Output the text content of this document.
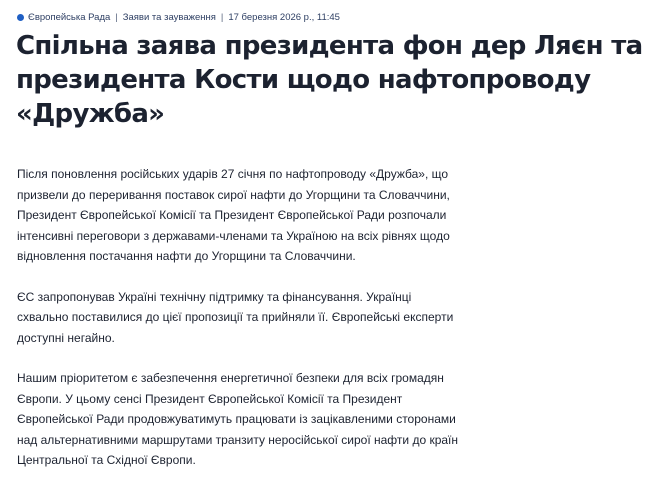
Європейська Рада | Заяви та зауваження | 17 березня 2026 р., 11:45
Спільна заява президента фон дер Ляєн та
президента Кости щодо нафтопроводу
«Дружба»

Після поновлення російських ударів 27 січня по нафтопроводу «Дружба», що
призвели до переривання поставок сирої нафти до Угорщини та Словаччини,
Президент Європейської Комісії та Президент Європейської Ради розпочали
інтенсивні переговори з державами-членами та Україною на всіх рівнях щодо
відновлення постачання нафти до Угорщини та Словаччини.

ЄС запропонував Україні технічну підтримку та фінансування. Українці
схвально поставилися до цієї пропозиції та прийняли її. Європейські експерти
доступні негайно.

Нашим пріоритетом є забезпечення енергетичної безпеки для всіх громадян
Європи. У цьому сенсі Президент Європейської Комісії та Президент
Європейської Ради продовжуватимуть працювати із зацікавленими сторонами
над альтернативними маршрутами транзиту неросійської сирої нафти до країн
Центральної та Східної Європи.
